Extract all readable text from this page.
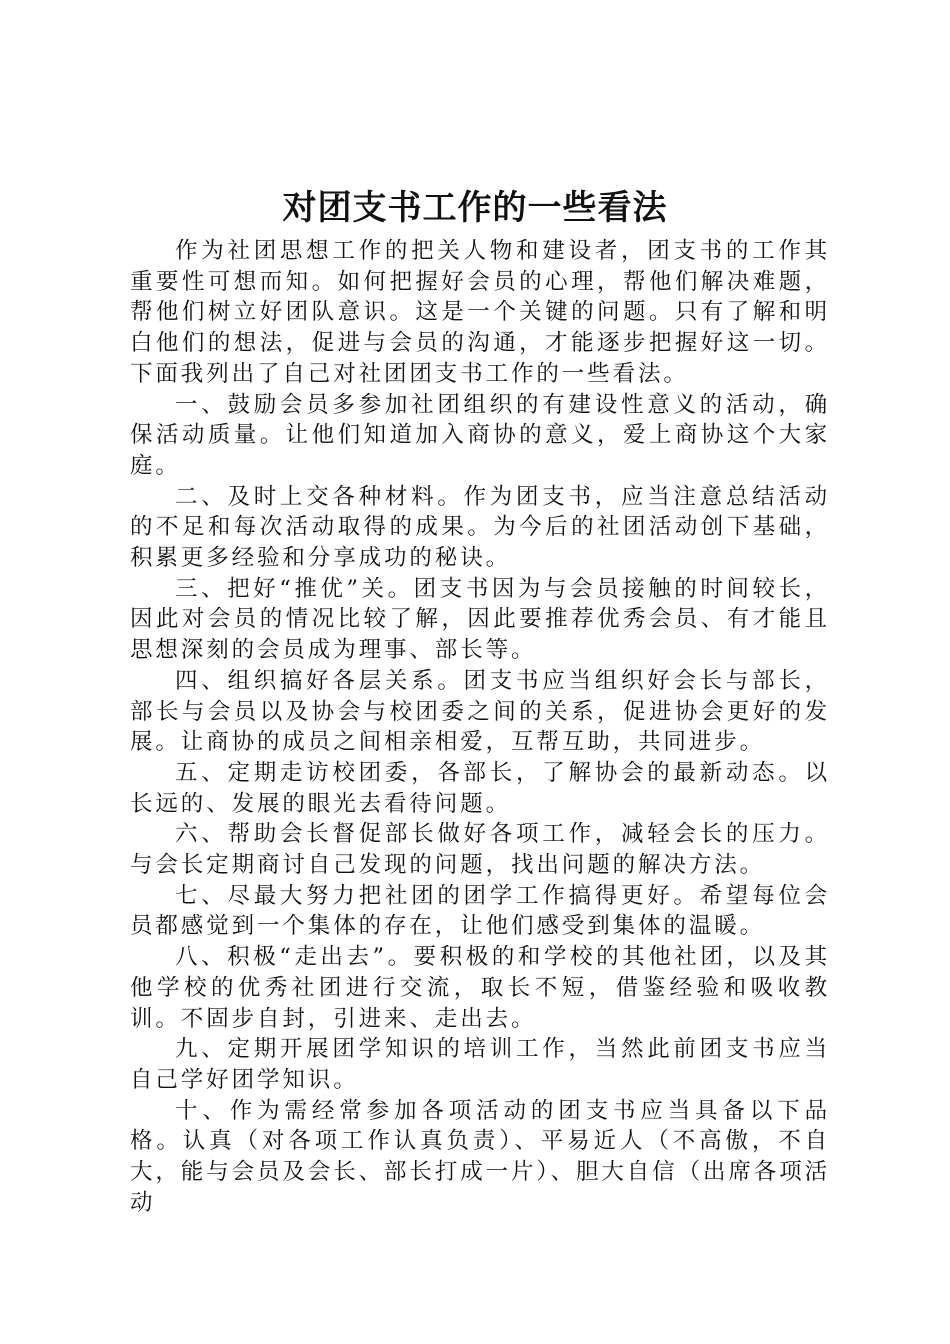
对团支书工作的一些看法

作为社团思想工作的把关人物和建设者，团支书的工作其重要性可想而知。如何把握好会员的心理，帮他们解决难题，帮他们树立好团队意识。这是一个关键的问题。只有了解和明白他们的想法，促进与会员的沟通，才能逐步把握好这一切。下面我列出了自己对社团团支书工作的一些看法。

一、鼓励会员多参加社团组织的有建设性意义的活动，确保活动质量。让他们知道加入商协的意义，爱上商协这个大家庭。

二、及时上交各种材料。作为团支书，应当注意总结活动的不足和每次活动取得的成果。为今后的社团活动创下基础，积累更多经验和分享成功的秘诀。

三、把好“推优”关。团支书因为与会员接触的时间较长，因此对会员的情况比较了解，因此要推荐优秀会员、有才能且思想深刻的会员成为理事、部长等。

四、组织搞好各层关系。团支书应当组织好会长与部长，部长与会员以及协会与校团委之间的关系，促进协会更好的发展。让商协的成员之间相亲相爱，互帮互助，共同进步。

五、定期走访校团委，各部长，了解协会的最新动态。以长远的、发展的眼光去看待问题。

六、帮助会长督促部长做好各项工作，减轻会长的压力。与会长定期商讨自己发现的问题，找出问题的解决方法。

七、尽最大努力把社团的团学工作搞得更好。希望每位会员都感觉到一个集体的存在，让他们感受到集体的温暖。

八、积极“走出去”。要积极的和学校的其他社团，以及其他学校的优秀社团进行交流，取长不短，借鉴经验和吸收教训。不固步自封，引进来、走出去。

九、定期开展团学知识的培训工作，当然此前团支书应当自己学好团学知识。

十、作为需经常参加各项活动的团支书应当具备以下品格。认真（对各项工作认真负责）、平易近人（不高傲，不自大，能与会员及会长、部长打成一片）、胆大自信（出席各项活动
